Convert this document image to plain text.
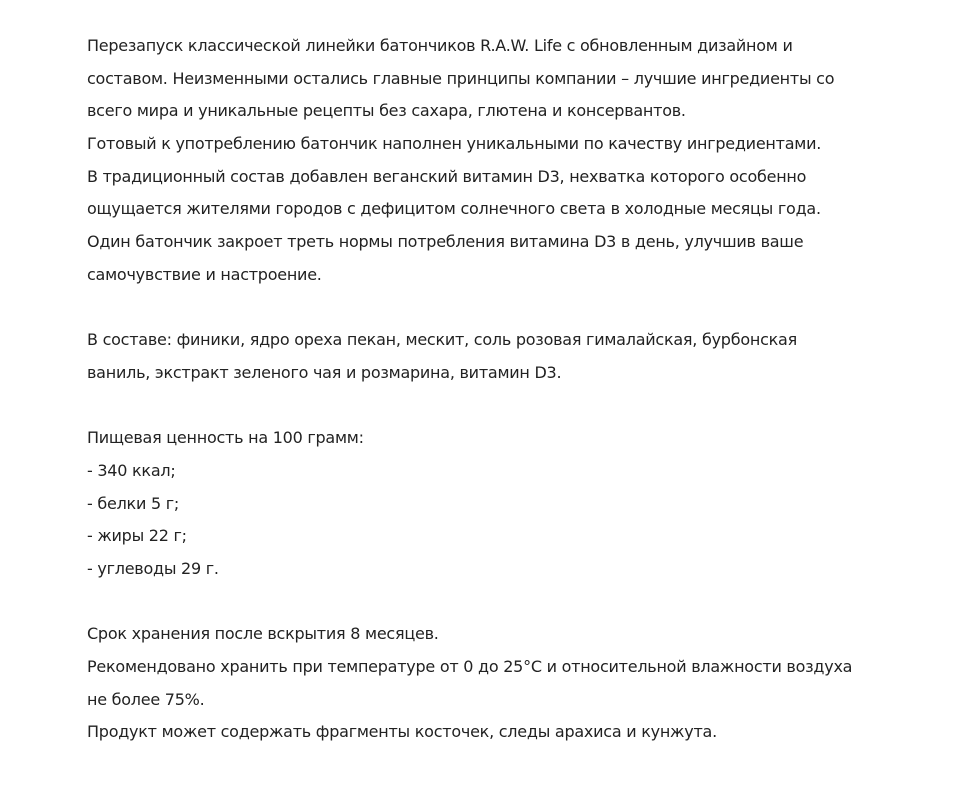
Перезапуск классической линейки батончиков R.A.W. Life с обновленным дизайном и
составом. Неизменными остались главные принципы компании – лучшие ингредиенты со
всего мира и уникальные рецепты без сахара, глютена и консервантов.
Готовый к употреблению батончик наполнен уникальными по качеству ингредиентами.
В традиционный состав добавлен веганский витамин D3, нехватка которого особенно
ощущается жителями городов с дефицитом солнечного света в холодные месяцы года.
Один батончик закроет треть нормы потребления витамина D3 в день, улучшив ваше
самочувствие и настроение.
В составе: финики, ядро ореха пекан, мескит, соль розовая гималайская, бурбонская
ваниль, экстракт зеленого чая и розмарина, витамин D3.
Пищевая ценность на 100 грамм:
- 340 ккал;
- белки 5 г;
- жиры 22 г;
- углеводы 29 г.
Срок хранения после вскрытия 8 месяцев.
Рекомендовано хранить при температуре от 0 до 25°С и относительной влажности воздуха
не более 75%.
Продукт может содержать фрагменты косточек, следы арахиса и кунжута.
